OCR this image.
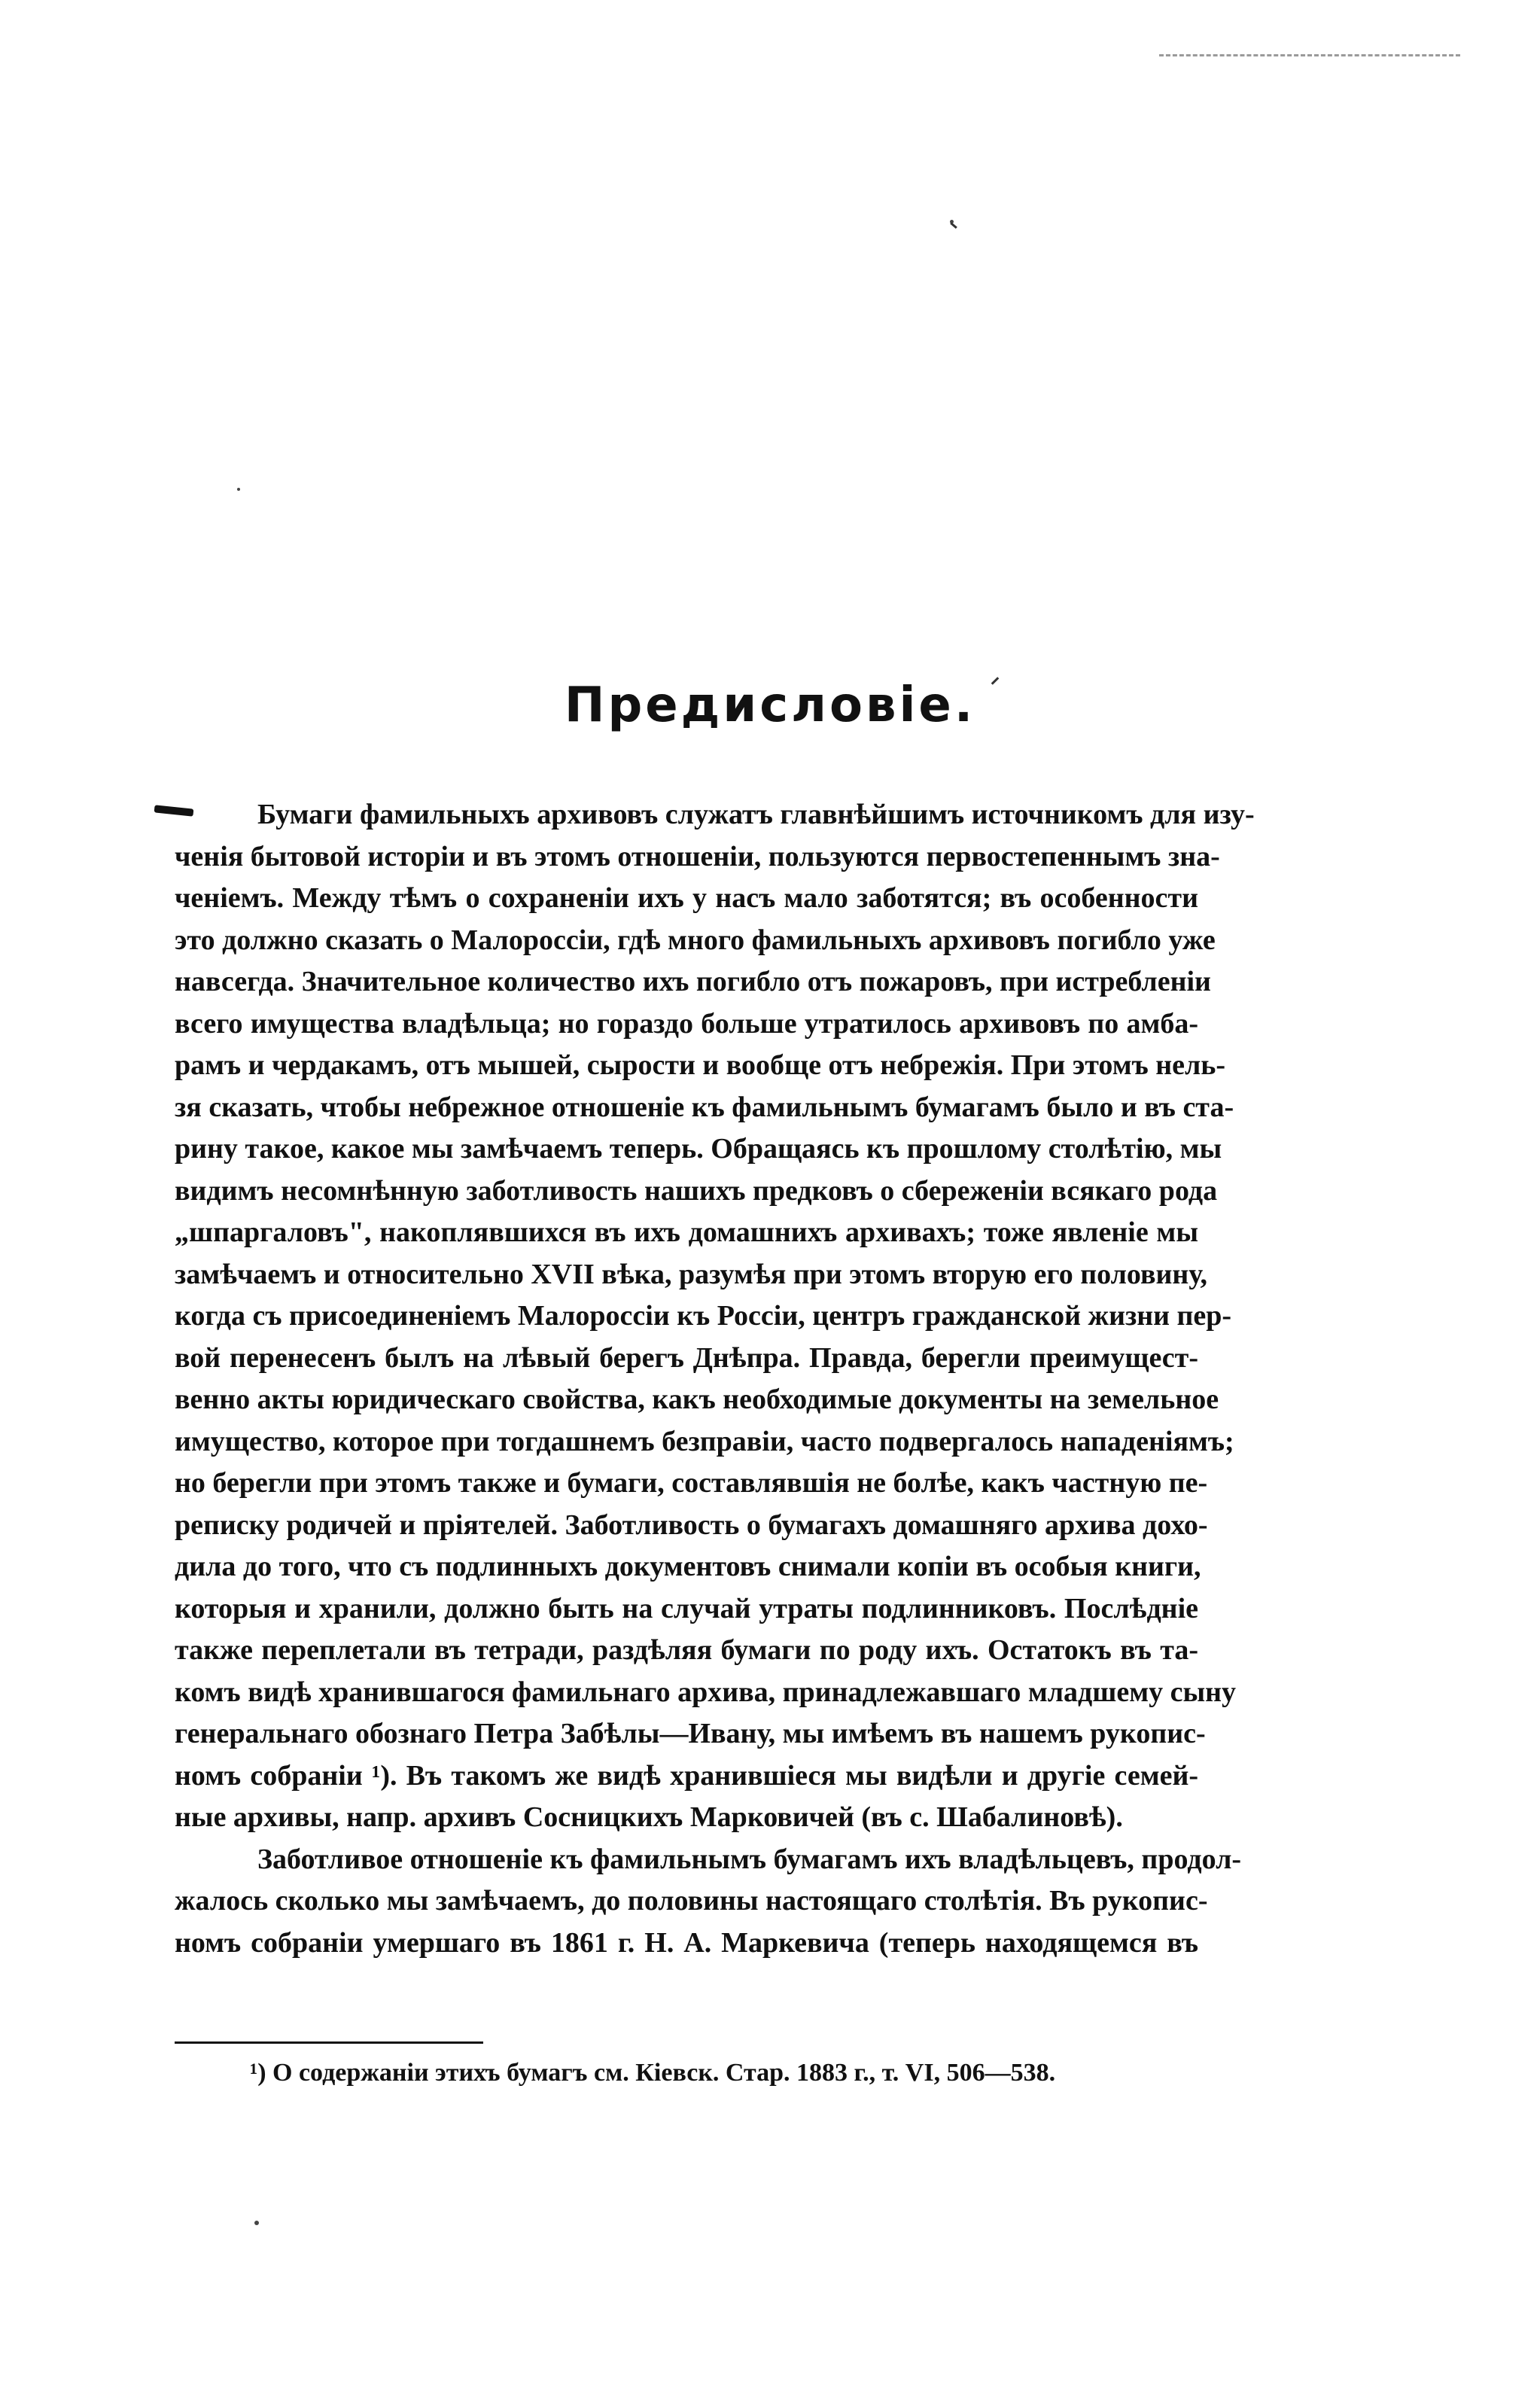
Предисловіе.
Бумаги фамильныхъ архивовъ служатъ главнѣйшимъ источникомъ для изу-
ченія бытовой исторіи и въ этомъ отношеніи, пользуются первостепеннымъ зна-
ченіемъ. Между тѣмъ о сохраненіи ихъ у насъ мало заботятся; въ особенности
это должно сказать о Малороссіи, гдѣ много фамильныхъ архивовъ погибло уже
навсегда. Значительное количество ихъ погибло отъ пожаровъ, при истребленіи
всего имущества владѣльца; но гораздо больше утратилось архивовъ по амба-
рамъ и чердакамъ, отъ мышей, сырости и вообще отъ небрежія. При этомъ нель-
зя сказать, чтобы небрежное отношеніе къ фамильнымъ бумагамъ было и въ ста-
рину такое, какое мы замѣчаемъ теперь. Обращаясь къ прошлому столѣтію, мы
видимъ несомнѣнную заботливость нашихъ предковъ о сбереженіи всякаго рода
„шпаргаловъ", накоплявшихся въ ихъ домашнихъ архивахъ; тоже явленіе мы
замѣчаемъ и относительно XVII вѣка, разумѣя при этомъ вторую его половину,
когда съ присоединеніемъ Малороссіи къ Россіи, центръ гражданской жизни пер-
вой перенесенъ былъ на лѣвый берегъ Днѣпра. Правда, берегли преимущест-
венно акты юридическаго свойства, какъ необходимые документы на земельное
имущество, которое при тогдашнемъ безправіи, часто подвергалось нападеніямъ;
но берегли при этомъ также и бумаги, составлявшія не болѣе, какъ частную пе-
реписку родичей и пріятелей. Заботливость о бумагахъ домашняго архива дохо-
дила до того, что съ подлинныхъ документовъ снимали копіи въ особыя книги,
которыя и хранили, должно быть на случай утраты подлинниковъ. Послѣдніе
также переплетали въ тетради, раздѣляя бумаги по роду ихъ. Остатокъ въ та-
комъ видѣ хранившагося фамильнаго архива, принадлежавшаго младшему сыну
генеральнаго обознаго Петра Забѣлы—Ивану, мы имѣемъ въ нашемъ рукопис-
номъ собраніи ¹). Въ такомъ же видѣ хранившіеся мы видѣли и другіе семей-
ные архивы, напр. архивъ Сосницкихъ Марковичей (въ с. Шабалиновѣ).
Заботливое отношеніе къ фамильнымъ бумагамъ ихъ владѣльцевъ, продол-
жалось сколько мы замѣчаемъ, до половины настоящаго столѣтія. Въ рукопис-
номъ собраніи умершаго въ 1861 г. Н. А. Маркевича (теперь находящемся въ
¹) О содержаніи этихъ бумагъ см. Кіевск. Стар. 1883 г., т. VI, 506—538.
